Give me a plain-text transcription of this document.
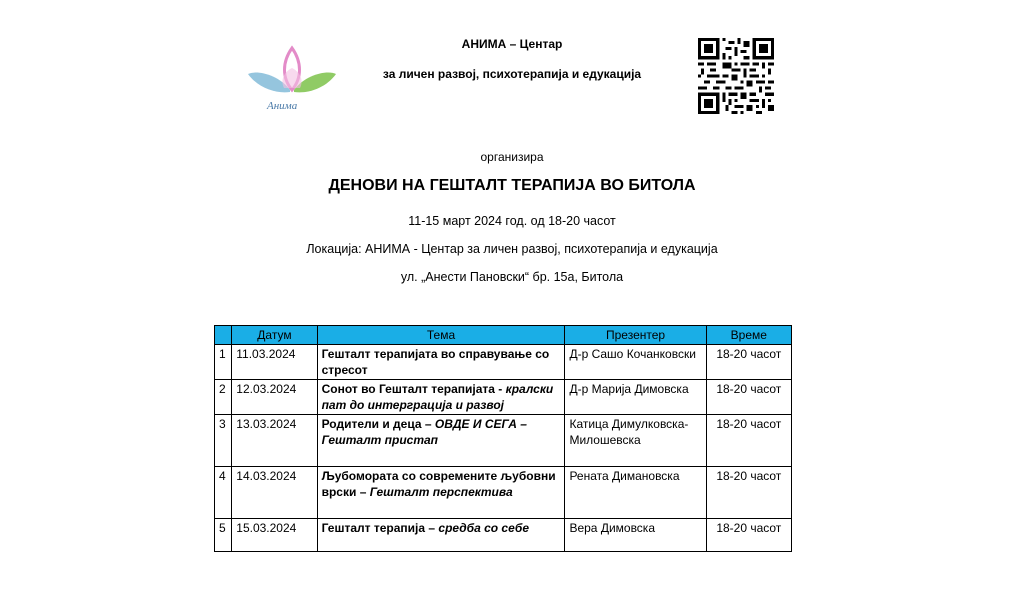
Анима
АНИМА – Центар
за личен развој, психотерапија и едукација
организира
ДЕНОВИ НА ГЕШТАЛТ ТЕРАПИЈА ВО БИТОЛА
11-15 март 2024 год. од 18-20 часот
Локација: АНИМА - Центар за личен развој, психотерапија и едукација
ул. „Анести Пановски“ бр. 15а, Битола
	Датум	Тема	Презентер	Време
1	11.03.2024	Гешталт терапијата во справување со стресот	Д-р Сашо Кочанковски	18-20 часот
2	12.03.2024	Сонот во Гешталт терапијата - кралски пат до интерграција и развој	Д-р Марија Димовска	18-20 часот
3	13.03.2024	Родители и деца – ОВДЕ И СЕГА – Гешталт пристап	Катица Димулковска-Милошевска	18-20 часот
4	14.03.2024	Љубомората со современите љубовни врски – Гешталт перспектива	Рената Димановска	18-20 часот
5	15.03.2024	Гешталт терапија – средба со себе	Вера Димовска	18-20 часот
